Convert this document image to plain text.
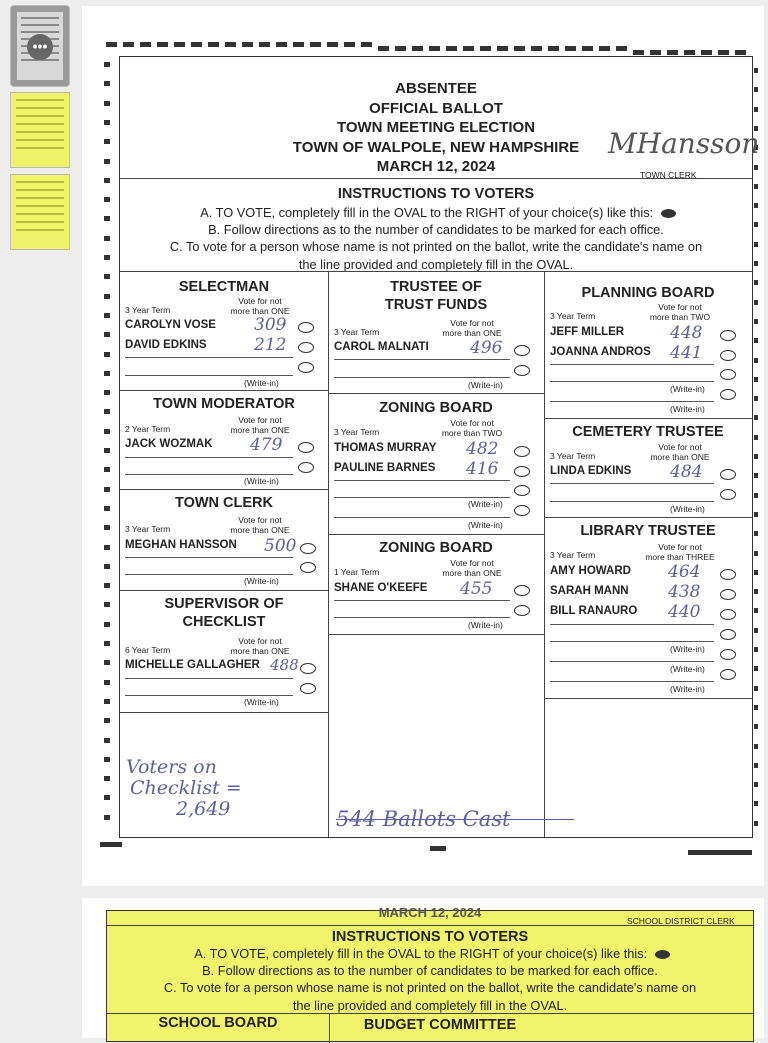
•••
ABSENTEE
OFFICIAL BALLOT
TOWN MEETING ELECTION
TOWN OF WALPOLE, NEW HAMPSHIRE
MARCH 12, 2024
MHansson
TOWN CLERK
INSTRUCTIONS TO VOTERS
A. TO VOTE, completely fill in the OVAL to the RIGHT of your choice(s) like this:
B. Follow directions as to the number of candidates to be marked for each office.
C. To vote for a person whose name is not printed on the ballot, write the candidate's name on
the line provided and completely fill in the OVAL.
SELECTMAN
3 Year Term
Vote for not
more than ONE
CAROLYN VOSE 309
DAVID EDKINS	212
(Write-in)
TOWN MODERATOR
2 Year Term
Vote for not
more than ONE
JACK WOZMAK 479
(Write-in)
TOWN CLERK
3 Year Term
Vote for not
more than ONE
MEGHAN HANSSON 500
(Write-in)
SUPERVISOR OF
CHECKLIST
6 Year Term
Vote for not
more than ONE
MICHELLE GALLAGHER 488
(Write-in)
Voters on
Checklist =
2,649
TRUSTEE OF
TRUST FUNDS
3 Year Term
Vote for not
more than ONE
CAROL MALNATI 496
(Write-in)
ZONING BOARD
3 Year Term
Vote for not
more than TWO
THOMAS MURRAY 482
PAULINE BARNES 416
(Write-in)
(Write-in)
ZONING BOARD
1 Year Term
Vote for not
more than ONE
SHANE O'KEEFE 455
(Write-in)
544 Ballots Cast
PLANNING BOARD
3 Year Term
Vote for not
more than TWO
JEFF MILLER	448
JOANNA ANDROS 441
(Write-in)
(Write-in)
CEMETERY TRUSTEE
3 Year Term
Vote for not
more than ONE
LINDA EDKINS 484
(Write-in)
LIBRARY TRUSTEE
3 Year Term
Vote for not
more than THREE
AMY HOWARD 464
SARAH MANN 438
BILL RANAURO 440
(Write-in)
(Write-in)
(Write-in)
MARCH 12, 2024
SCHOOL DISTRICT CLERK
INSTRUCTIONS TO VOTERS
A. TO VOTE, completely fill in the OVAL to the RIGHT of your choice(s) like this:
B. Follow directions as to the number of candidates to be marked for each office.
C. To vote for a person whose name is not printed on the ballot, write the candidate's name on
the line provided and completely fill in the OVAL.
SCHOOL BOARD	BUDGET COMMITTEE
